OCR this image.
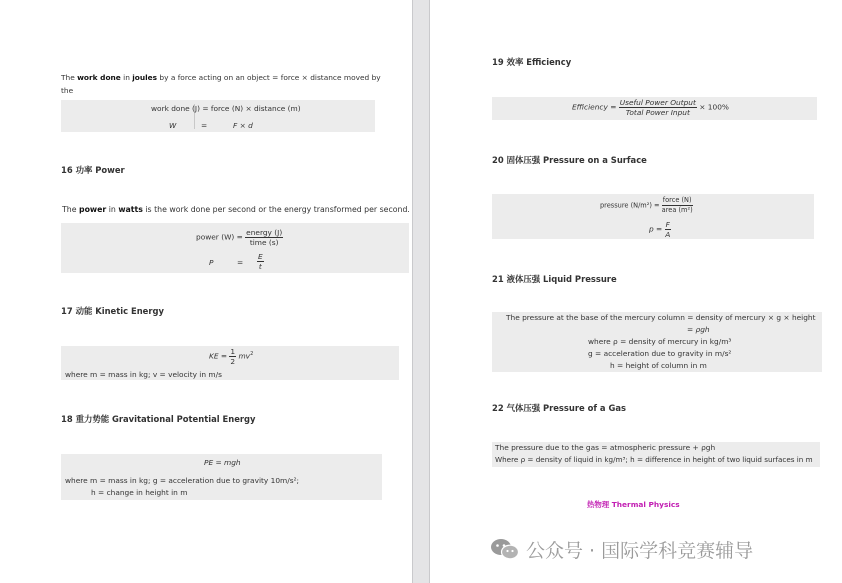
The work done in joules by a force acting on an object = force × distance moved by the

work done (J) = force (N) × distance (m)
W	=	F × d
16 功率 Power
The power in watts is the work done per second or the energy transformed per second.
power $(W) = \frac{\text{energy (J)}}{\text{time (s)}}$
P	= $\frac{E}{t}$
17 动能 Kinetic Energy
KE = $\frac{1}{2} mv^2$
where m = mass in kg; v = velocity in m/s
18 重力势能 Gravitational Potential Energy
PE = mgh
where m = mass in kg; g = acceleration due to gravity 10m/s²;
h = change in height in m
19 效率 Efficiency
Efficiency = $\frac{\text{Useful Power Output}}{\text{Total Power Input}} \times 100\%$
20 固体压强 Pressure on a Surface
pressure $(N/m^2) = \frac{\text{force (N)}}{\text{area (m²)}}$
$p = \frac{F}{A}$
21 液体压强 Liquid Pressure
The pressure at the base of the mercury column = density of mercury × g × height
= ρgh
where ρ = density of mercury in kg/m³
g = acceleration due to gravity in m/s²
h = height of column in m
22 气体压强 Pressure of a Gas
The pressure due to the gas = atmospheric pressure + ρgh
Where ρ = density of liquid in kg/m³; h = difference in height of two liquid surfaces in m
热物理 Thermal Physics
公众号 · 国际学科竞赛辅导
